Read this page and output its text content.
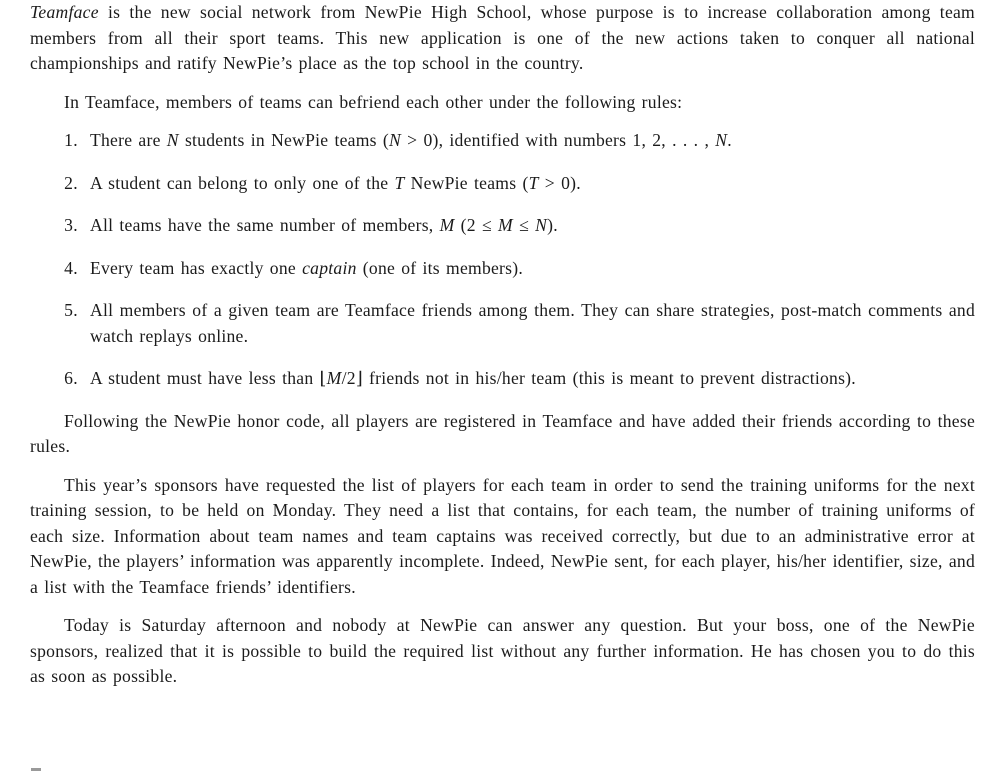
Teamface is the new social network from NewPie High School, whose purpose is to increase collaboration among team members from all their sport teams. This new application is one of the new actions taken to conquer all national championships and ratify NewPie’s place as the top school in the country.

In Teamface, members of teams can befriend each other under the following rules:

1. There are N students in NewPie teams (N > 0), identified with numbers 1, 2, . . . , N.
2. A student can belong to only one of the T NewPie teams (T > 0).
3. All teams have the same number of members, M (2 ≤ M ≤ N).
4. Every team has exactly one captain (one of its members).
5. All members of a given team are Teamface friends among them. They can share strategies, post-match comments and watch replays online.
6. A student must have less than ⌊M/2⌋ friends not in his/her team (this is meant to prevent distractions).

Following the NewPie honor code, all players are registered in Teamface and have added their friends according to these rules.

This year’s sponsors have requested the list of players for each team in order to send the training uniforms for the next training session, to be held on Monday. They need a list that contains, for each team, the number of training uniforms of each size. Information about team names and team captains was received correctly, but due to an administrative error at NewPie, the players’ information was apparently incomplete. Indeed, NewPie sent, for each player, his/her identifier, size, and a list with the Teamface friends’ identifiers.

Today is Saturday afternoon and nobody at NewPie can answer any question. But your boss, one of the NewPie sponsors, realized that it is possible to build the required list without any further information. He has chosen you to do this as soon as possible.
